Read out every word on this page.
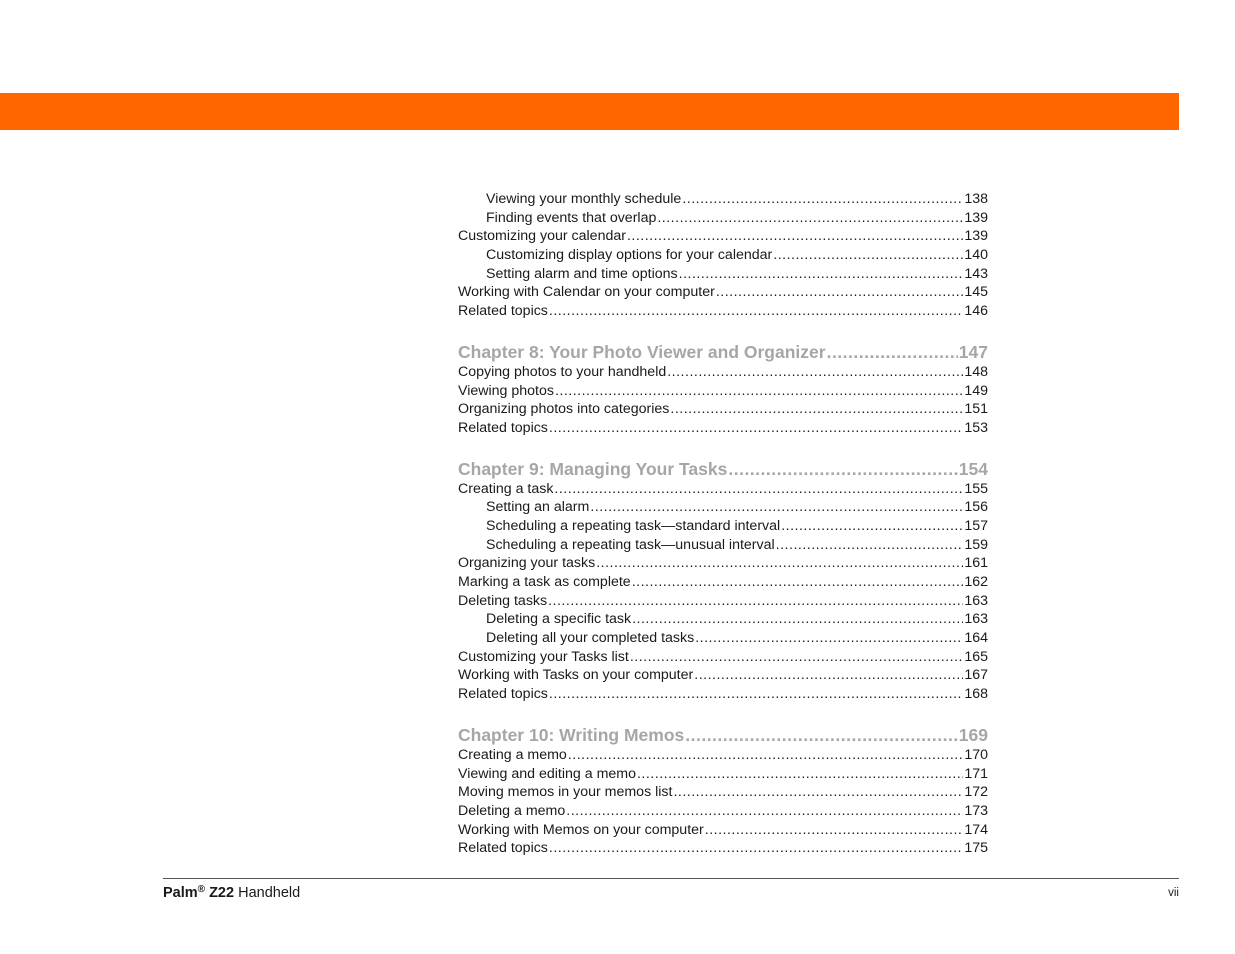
Viewing your monthly schedule .....	138
Finding events that overlap .....	139
Customizing your calendar .....	139
Customizing display options for your calendar .....	140
Setting alarm and time options .....	143
Working with Calendar on your computer .....	145
Related topics .....	146
Chapter 8: Your Photo Viewer and Organizer .....	147
Copying photos to your handheld .....	148
Viewing photos .....	149
Organizing photos into categories .....	151
Related topics .....	153
Chapter 9: Managing Your Tasks .....	154
Creating a task .....	155
Setting an alarm .....	156
Scheduling a repeating task—standard interval .....	157
Scheduling a repeating task—unusual interval .....	159
Organizing your tasks .....	161
Marking a task as complete .....	162
Deleting tasks .....	163
Deleting a specific task .....	163
Deleting all your completed tasks .....	164
Customizing your Tasks list .....	165
Working with Tasks on your computer .....	167
Related topics .....	168
Chapter 10: Writing Memos .....	169
Creating a memo .....	170
Viewing and editing a memo .....	171
Moving memos in your memos list .....	172
Deleting a memo .....	173
Working with Memos on your computer .....	174
Related topics .....	175
Palm® Z22 Handheld	vii
